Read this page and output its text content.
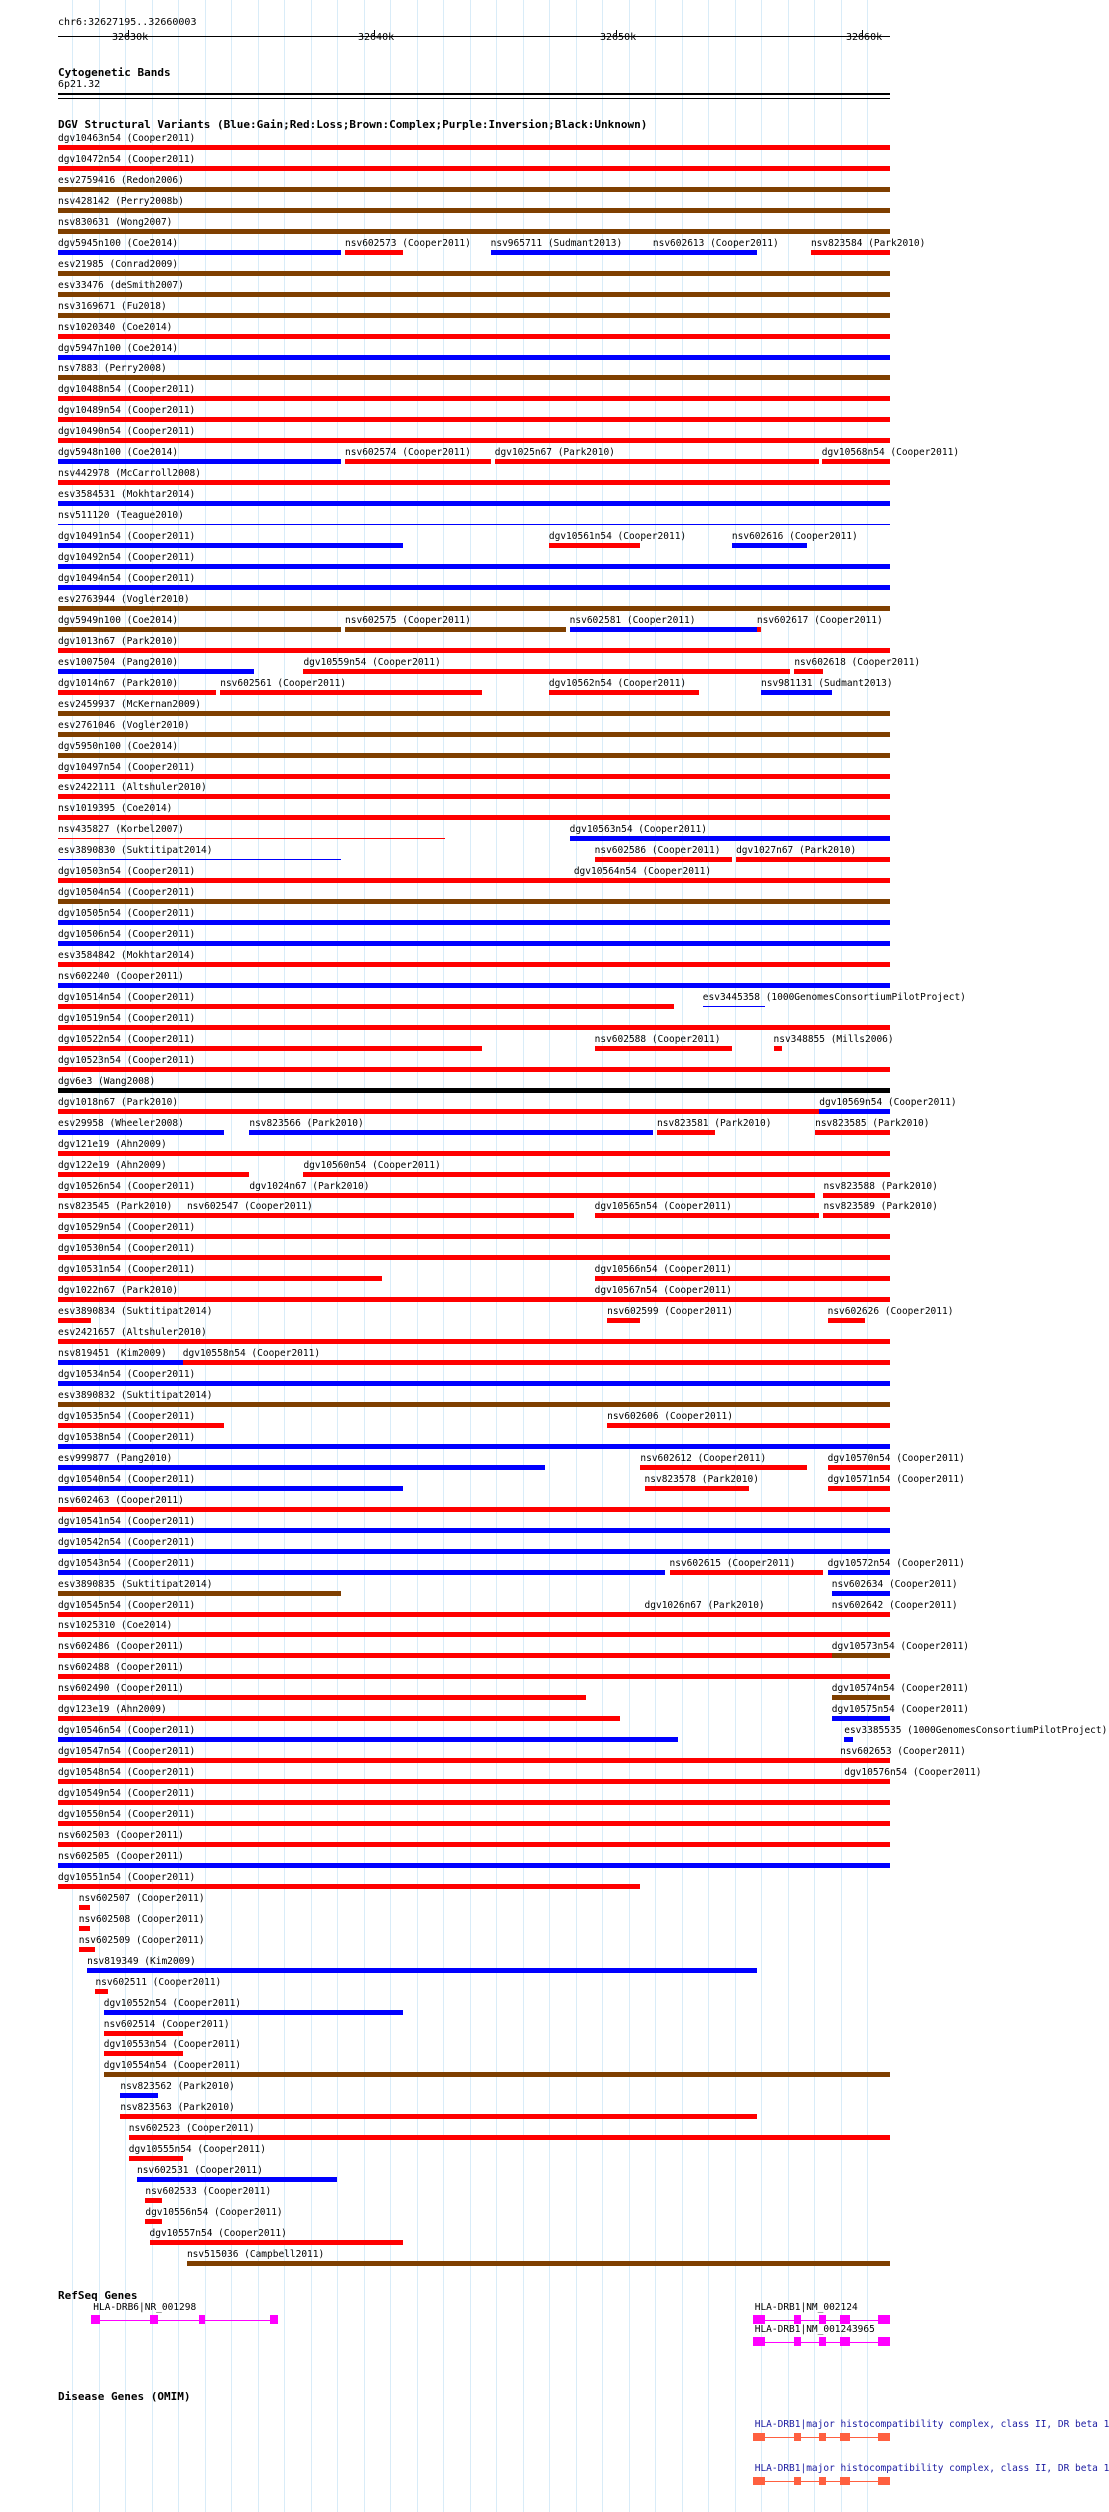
chr6:32627195..32660003
32630k	32640k	32650k	32660k
Cytogenetic Bands
6p21.32
DGV Structural Variants (Blue:Gain;Red:Loss;Brown:Complex;Purple:Inversion;Black:Unknown)
dgv10463n54 (Cooper2011)
dgv10472n54 (Cooper2011)
esv2759416 (Redon2006)
nsv428142 (Perry2008b)
nsv830631 (Wong2007)
dgv5945n100 (Coe2014)	nsv602573 (Cooper2011) nsv965711 (Sudmant2013)	nsv602613 (Cooper2011)	nsv823584 (Park2010)
esv21985 (Conrad2009)
esv33476 (deSmith2007)
nsv3169671 (Fu2018)
nsv1020340 (Coe2014)
dgv5947n100 (Coe2014)
nsv7883 (Perry2008)
dgv10488n54 (Cooper2011)
dgv10489n54 (Cooper2011)
dgv10490n54 (Cooper2011)
dgv5948n100 (Coe2014)	nsv602574 (Cooper2011)	dgv1025n67 (Park2010)	dgv10568n54 (Cooper2011)
nsv442978 (McCarroll2008)
esv3584531 (Mokhtar2014)
nsv511120 (Teague2010)
dgv10491n54 (Cooper2011)	dgv10561n54 (Cooper2011)	nsv602616 (Cooper2011)
dgv10492n54 (Cooper2011)
dgv10494n54 (Cooper2011)
esv2763944 (Vogler2010)
dgv5949n100 (Coe2014)	nsv602575 (Cooper2011)	nsv602581 (Cooper2011)	nsv602617 (Cooper2011)
dgv1013n67 (Park2010)
esv1007504 (Pang2010)	dgv10559n54 (Cooper2011)	nsv602618 (Cooper2011)
dgv1014n67 (Park2010)	nsv602561 (Cooper2011)	dgv10562n54 (Cooper2011)	nsv981131 (Sudmant2013)
esv2459937 (McKernan2009)
esv2761046 (Vogler2010)
dgv5950n100 (Coe2014)
dgv10497n54 (Cooper2011)
esv2422111 (Altshuler2010)
nsv1019395 (Coe2014)
nsv435827 (Korbel2007)	dgv10563n54 (Cooper2011)
esv3890830 (Suktitipat2014)	nsv602586 (Cooper2011) dgv1027n67 (Park2010)
dgv10503n54 (Cooper2011)	dgv10564n54 (Cooper2011)
dgv10504n54 (Cooper2011)
dgv10505n54 (Cooper2011)
dgv10506n54 (Cooper2011)
esv3584842 (Mokhtar2014)
nsv602240 (Cooper2011)
dgv10514n54 (Cooper2011)	esv3445358 (1000GenomesConsortiumPilotProject)
dgv10519n54 (Cooper2011)
dgv10522n54 (Cooper2011)	nsv602588 (Cooper2011)	nsv348855 (Mills2006)
dgv10523n54 (Cooper2011)
dgv6e3 (Wang2008)
dgv1018n67 (Park2010)	dgv10569n54 (Cooper2011)
esv29958 (Wheeler2008)	nsv823566 (Park2010)	nsv823581 (Park2010)	nsv823585 (Park2010)
dgv121e19 (Ahn2009)
dgv122e19 (Ahn2009)	dgv10560n54 (Cooper2011)
dgv10526n54 (Cooper2011)	dgv1024n67 (Park2010)	nsv823588 (Park2010)
nsv823545 (Park2010) nsv602547 (Cooper2011)	dgv10565n54 (Cooper2011)	nsv823589 (Park2010)
dgv10529n54 (Cooper2011)
dgv10530n54 (Cooper2011)
dgv10531n54 (Cooper2011)	dgv10566n54 (Cooper2011)
dgv1022n67 (Park2010)	dgv10567n54 (Cooper2011)
esv3890834 (Suktitipat2014)	nsv602599 (Cooper2011)	nsv602626 (Cooper2011)
esv2421657 (Altshuler2010)
nsv819451 (Kim2009) dgv10558n54 (Cooper2011)
dgv10534n54 (Cooper2011)
esv3890832 (Suktitipat2014)
dgv10535n54 (Cooper2011)	nsv602606 (Cooper2011)
dgv10538n54 (Cooper2011)
esv999877 (Pang2010)	nsv602612 (Cooper2011)	dgv10570n54 (Cooper2011)
dgv10540n54 (Cooper2011)	nsv823578 (Park2010)	dgv10571n54 (Cooper2011)
nsv602463 (Cooper2011)
dgv10541n54 (Cooper2011)
dgv10542n54 (Cooper2011)
dgv10543n54 (Cooper2011)	nsv602615 (Cooper2011)	dgv10572n54 (Cooper2011)
esv3890835 (Suktitipat2014)	nsv602634 (Cooper2011)
dgv10545n54 (Cooper2011)	dgv1026n67 (Park2010)	nsv602642 (Cooper2011)
nsv1025310 (Coe2014)
nsv602486 (Cooper2011)	dgv10573n54 (Cooper2011)
nsv602488 (Cooper2011)
nsv602490 (Cooper2011)	dgv10574n54 (Cooper2011)
dgv123e19 (Ahn2009)	dgv10575n54 (Cooper2011)
dgv10546n54 (Cooper2011)	esv3385535 (1000GenomesConsortiumPilotProject)
dgv10547n54 (Cooper2011)	nsv602653 (Cooper2011)
dgv10548n54 (Cooper2011)	dgv10576n54 (Cooper2011)
dgv10549n54 (Cooper2011)
dgv10550n54 (Cooper2011)
nsv602503 (Cooper2011)
nsv602505 (Cooper2011)
dgv10551n54 (Cooper2011)
nsv602507 (Cooper2011)
nsv602508 (Cooper2011)
nsv602509 (Cooper2011)
nsv819349 (Kim2009)
nsv602511 (Cooper2011)
dgv10552n54 (Cooper2011)
nsv602514 (Cooper2011)
dgv10553n54 (Cooper2011)
dgv10554n54 (Cooper2011)
nsv823562 (Park2010)
nsv823563 (Park2010)
nsv602523 (Cooper2011)
dgv10555n54 (Cooper2011)
nsv602531 (Cooper2011)
nsv602533 (Cooper2011)
dgv10556n54 (Cooper2011)
dgv10557n54 (Cooper2011)
nsv515036 (Campbell2011)
RefSeq Genes
HLA-DRB6|NR_001298	HLA-DRB1|NM_002124
HLA-DRB1|NM_001243965
Disease Genes (OMIM)
HLA-DRB1|major histocompatibility complex, class II, DR beta 1
HLA-DRB1|major histocompatibility complex, class II, DR beta 1
